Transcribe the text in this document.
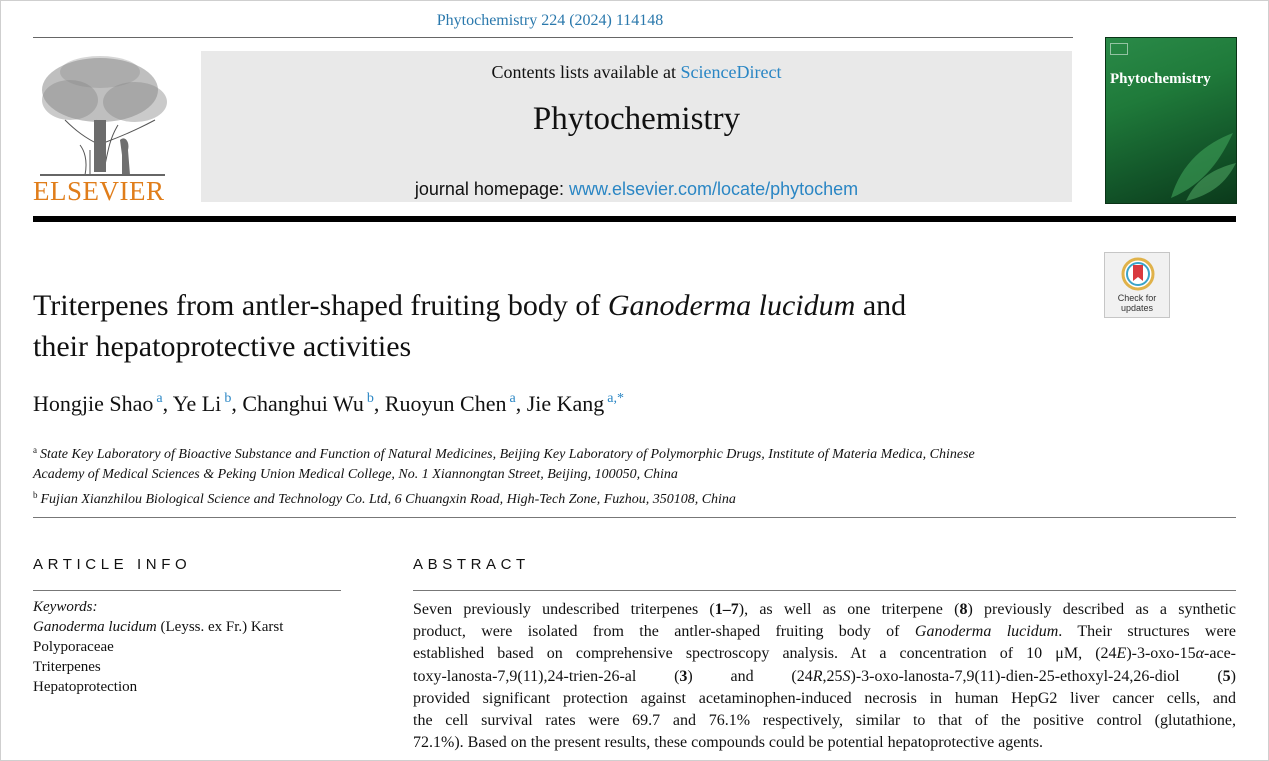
Phytochemistry 224 (2024) 114148
ELSEVIER
Contents lists available at ScienceDirect
Phytochemistry
journal homepage: www.elsevier.com/locate/phytochem
Phytochemistry
Check for
updates
Triterpenes from antler-shaped fruiting body of Ganoderma lucidum and
their hepatoprotective activities
Hongjie Shao $^a$, Ye Li $^b$, Changhui Wu $^b$, Ruoyun Chen $^a$, Jie Kang $^{a,*}$
$^a$ State Key Laboratory of Bioactive Substance and Function of Natural Medicines, Beijing Key Laboratory of Polymorphic Drugs, Institute of Materia Medica, Chinese
Academy of Medical Sciences & Peking Union Medical College, No. 1 Xiannongtan Street, Beijing, 100050, China
$^b$ Fujian Xianzhilou Biological Science and Technology Co. Ltd, 6 Chuangxin Road, High-Tech Zone, Fuzhou, 350108, China
ARTICLE INFO
Keywords:
Ganoderma lucidum (Leyss. ex Fr.) Karst
Polyporaceae
Triterpenes
Hepatoprotection
ABSTRACT
Seven previously undescribed triterpenes (1–7), as well as one triterpene (8) previously described as a synthetic
product, were isolated from the antler-shaped fruiting body of Ganoderma lucidum. Their structures were
established based on comprehensive spectroscopy analysis. At a concentration of 10 μM, (24E)-3-oxo-15α-ace-
toxy-lanosta-7,9(11),24-trien-26-al (3) and (24R,25S)-3-oxo-lanosta-7,9(11)-dien-25-ethoxyl-24,26-diol (5)
provided significant protection against acetaminophen-induced necrosis in human HepG2 liver cancer cells, and
the cell survival rates were 69.7 and 76.1% respectively, similar to that of the positive control (glutathione,
72.1%). Based on the present results, these compounds could be potential hepatoprotective agents.
